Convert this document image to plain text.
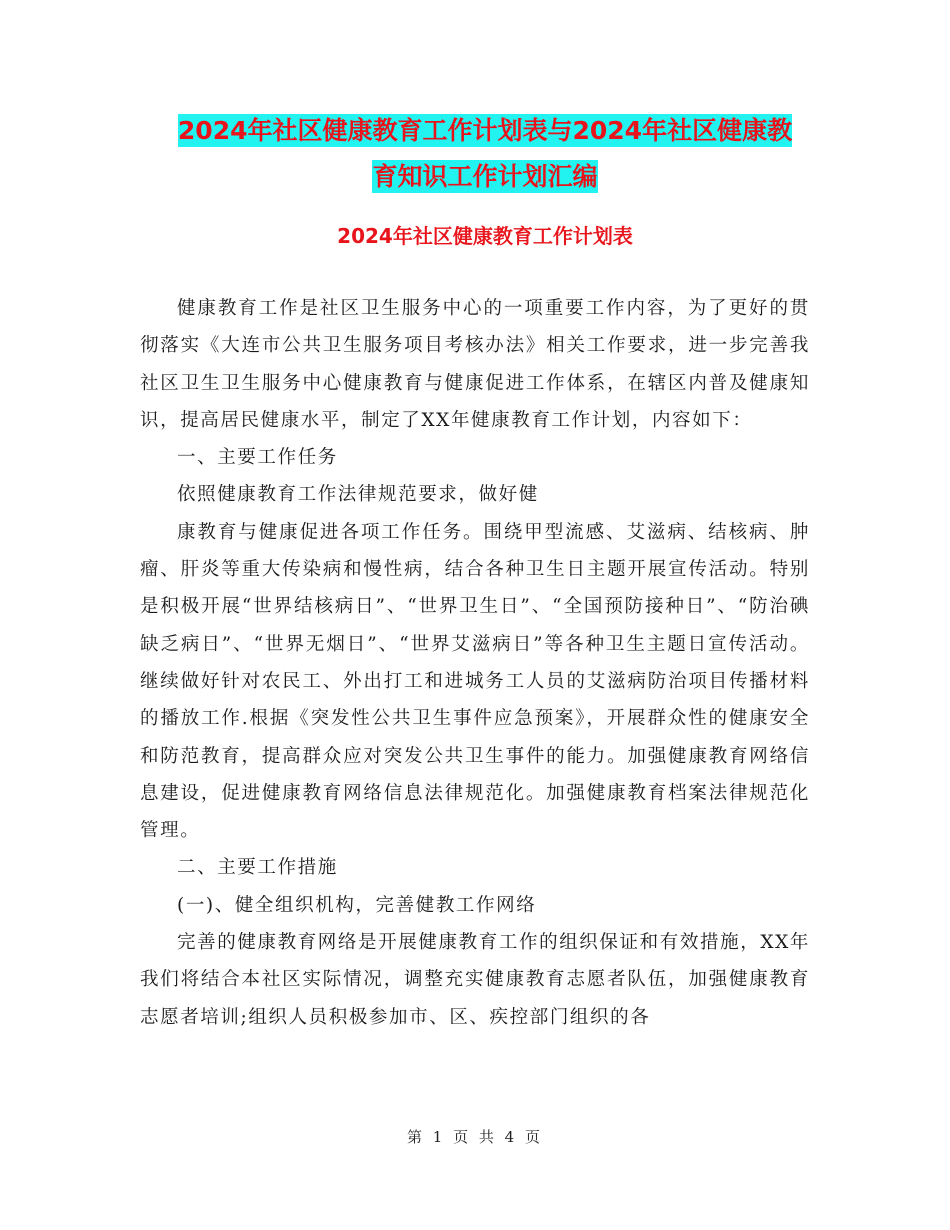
2024年社区健康教育工作计划表与2024年社区健康教
育知识工作计划汇编
2024年社区健康教育工作计划表

健康教育工作是社区卫生服务中心的一项重要工作内容，为了更好的贯彻落实《大连市公共卫生服务项目考核办法》相关工作要求，进一步完善我社区卫生卫生服务中心健康教育与健康促进工作体系，在辖区内普及健康知识，提高居民健康水平，制定了XX年健康教育工作计划，内容如下：

一、主要工作任务

依照健康教育工作法律规范要求，做好健

康教育与健康促进各项工作任务。围绕甲型流感、艾滋病、结核病、肿瘤、肝炎等重大传染病和慢性病，结合各种卫生日主题开展宣传活动。特别是积极开展“世界结核病日”、“世界卫生日”、“全国预防接种日”、“防治碘缺乏病日”、“世界无烟日”、“世界艾滋病日”等各种卫生主题日宣传活动。继续做好针对农民工、外出打工和进城务工人员的艾滋病防治项目传播材料的播放工作.根据《突发性公共卫生事件应急预案》，开展群众性的健康安全和防范教育，提高群众应对突发公共卫生事件的能力。加强健康教育网络信息建设，促进健康教育网络信息法律规范化。加强健康教育档案法律规范化管理。

二、主要工作措施

(一)、健全组织机构，完善健教工作网络

完善的健康教育网络是开展健康教育工作的组织保证和有效措施，XX年我们将结合本社区实际情况，调整充实健康教育志愿者队伍，加强健康教育志愿者培训;组织人员积极参加市、区、疾控部门组织的各

第 1 页 共 4 页
